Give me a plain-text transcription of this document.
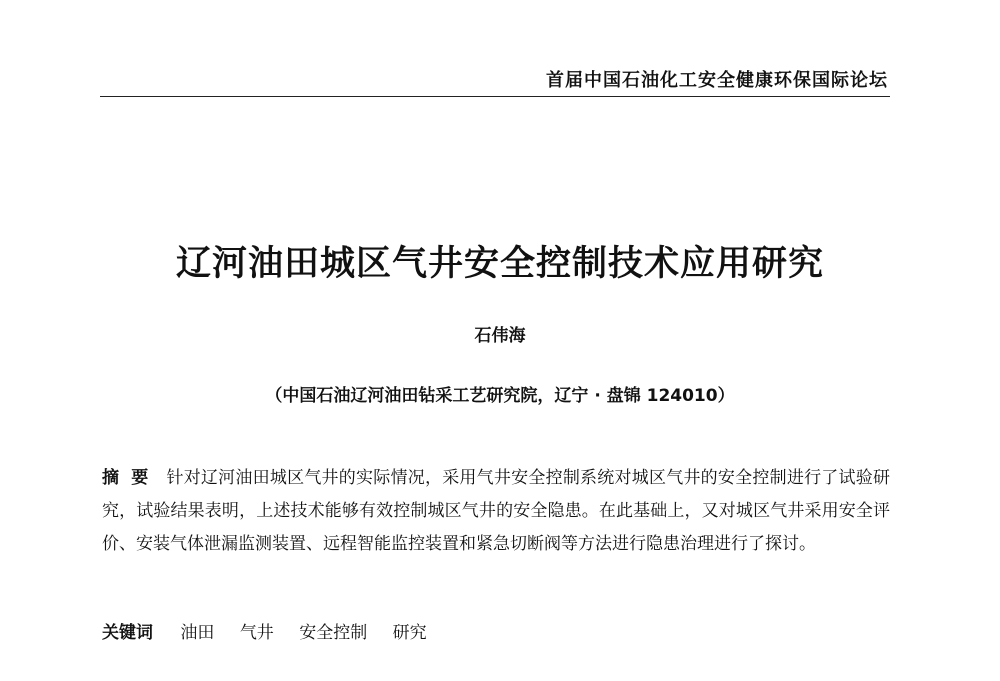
首届中国石油化工安全健康环保国际论坛
辽河油田城区气井安全控制技术应用研究
石伟海
（中国石油辽河油田钻采工艺研究院，辽宁 · 盘锦 124010）
摘要 针对辽河油田城区气井的实际情况，采用气井安全控制系统对城区气井的安全控制进行了试验研究，试验结果表明，上述技术能够有效控制城区气井的安全隐患。在此基础上，又对城区气井采用安全评价、安装气体泄漏监测装置、远程智能监控装置和紧急切断阀等方法进行隐患治理进行了探讨。
关键词 油田 气井 安全控制 研究
